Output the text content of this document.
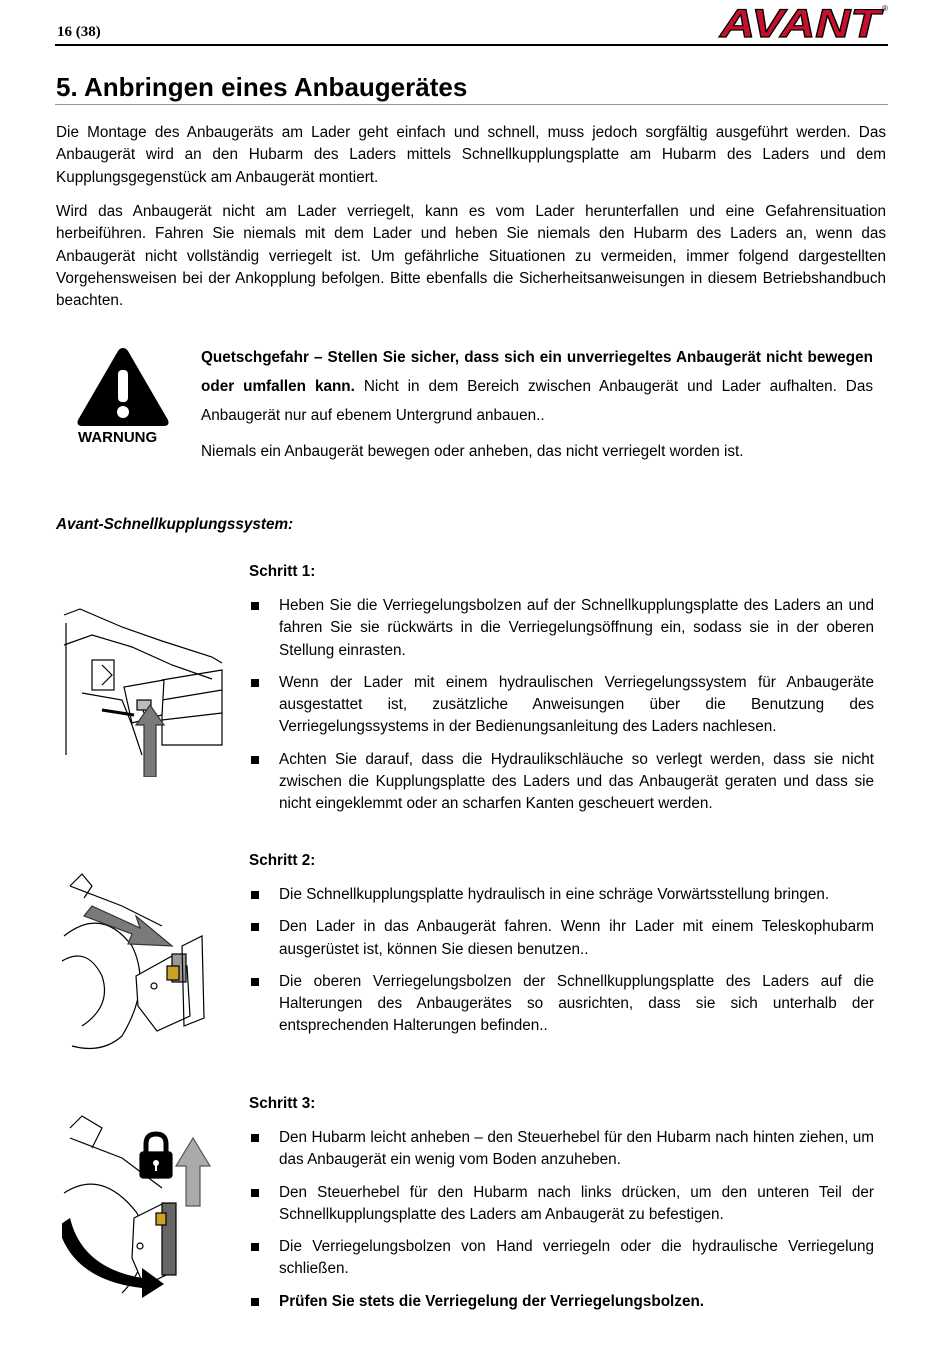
16 (38)	AVANT
®
5. Anbringen eines Anbaugerätes
Die Montage des Anbaugeräts am Lader geht einfach und schnell, muss jedoch sorgfältig ausgeführt werden. Das Anbaugerät wird an den Hubarm des Laders mittels Schnellkupplungsplatte am Hubarm des Laders und dem Kupplungsgegenstück am Anbaugerät montiert.
Wird das Anbaugerät nicht am Lader verriegelt, kann es vom Lader herunterfallen und eine Gefahrensituation herbeiführen. Fahren Sie niemals mit dem Lader und heben Sie niemals den Hubarm des Laders an, wenn das Anbaugerät nicht vollständig verriegelt ist. Um gefährliche Situationen zu vermeiden, immer folgend dargestellten Vorgehensweisen bei der Ankopplung befolgen. Bitte ebenfalls die Sicherheitsanweisungen in diesem Betriebshandbuch beachten.
WARNUNG
Quetschgefahr – Stellen Sie sicher, dass sich ein unverriegeltes Anbaugerät nicht bewegen oder umfallen kann. Nicht in dem Bereich zwischen Anbaugerät und Lader aufhalten. Das Anbaugerät nur auf ebenem Untergrund anbauen..
Niemals ein Anbaugerät bewegen oder anheben, das nicht verriegelt worden ist.
Avant-Schnellkupplungssystem:
Schritt 1:
Heben Sie die Verriegelungsbolzen auf der Schnellkupplungsplatte des Laders an und fahren Sie sie rückwärts in die Verriegelungsöffnung ein, sodass sie in der oberen Stellung einrasten.
Wenn der Lader mit einem hydraulischen Verriegelungssystem für Anbaugeräte ausgestattet ist, zusätzliche Anweisungen über die Benutzung des Verriegelungssystems in der Bedienungsanleitung des Laders nachlesen.
Achten Sie darauf, dass die Hydraulikschläuche so verlegt werden, dass sie nicht zwischen die Kupplungsplatte des Laders und das Anbaugerät geraten und dass sie nicht eingeklemmt oder an scharfen Kanten gescheuert werden.
Schritt 2:
Die Schnellkupplungsplatte hydraulisch in eine schräge Vorwärtsstellung bringen.
Den Lader in das Anbaugerät fahren. Wenn ihr Lader mit einem Teleskophubarm ausgerüstet ist, können Sie diesen benutzen..
Die oberen Verriegelungsbolzen der Schnellkupplungsplatte des Laders auf die Halterungen des Anbaugerätes so ausrichten, dass sie sich unterhalb der entsprechenden Halterungen befinden..
Schritt 3:
Den Hubarm leicht anheben – den Steuerhebel für den Hubarm nach hinten ziehen, um das Anbaugerät ein wenig vom Boden anzuheben.
Den Steuerhebel für den Hubarm nach links drücken, um den unteren Teil der Schnellkupplungsplatte des Laders am Anbaugerät zu befestigen.
Die Verriegelungsbolzen von Hand verriegeln oder die hydraulische Verriegelung schließen.
Prüfen Sie stets die Verriegelung der Verriegelungsbolzen.
